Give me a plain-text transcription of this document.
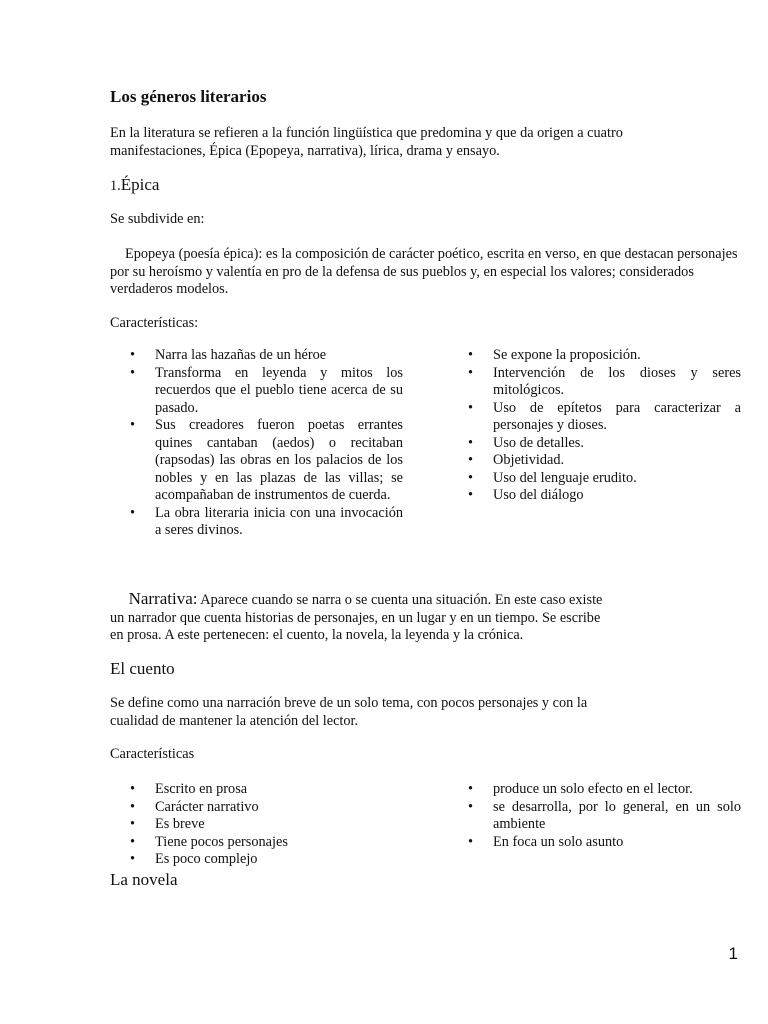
Los géneros literarios

En la literatura se refieren a la función lingüística que predomina y que da origen a cuatro manifestaciones, Épica (Epopeya, narrativa), lírica, drama y ensayo.

1.Épica

Se subdivide en:

Epopeya (poesía épica): es la composición de carácter poético, escrita en verso, en que destacan personajes por su heroísmo y valentía en pro de la defensa de sus pueblos y, en especial los valores; considerados verdaderos modelos.

Características:

• Narra las hazañas de un héroe
• Transforma en leyenda y mitos los recuerdos que el pueblo tiene acerca de su pasado.
• Sus creadores fueron poetas errantes quines cantaban (aedos) o recitaban (rapsodas) las obras en los palacios de los nobles y en las plazas de las villas; se acompañaban de instrumentos de cuerda.
• La obra literaria inicia con una invocación a seres divinos.
• Se expone la proposición.
• Intervención de los dioses y seres mitológicos.
• Uso de epítetos para caracterizar a personajes y dioses.
• Uso de detalles.
• Objetividad.
• Uso del lenguaje erudito.
• Uso del diálogo
Narrativa: Aparece cuando se narra o se cuenta una situación. En este caso existe
un narrador que cuenta historias de personajes, en un lugar y en un tiempo. Se escribe
en prosa. A este pertenecen: el cuento, la novela, la leyenda y la crónica.
El cuento
Se define como una narración breve de un solo tema, con pocos personajes y con la
cualidad de mantener la atención del lector.

Características

• Escrito en prosa
• Carácter narrativo
• Es breve
• Tiene pocos personajes
• Es poco complejo
• produce un solo efecto en el lector.
• se desarrolla, por lo general, en un solo ambiente
• En foca un solo asunto
La novela
1
